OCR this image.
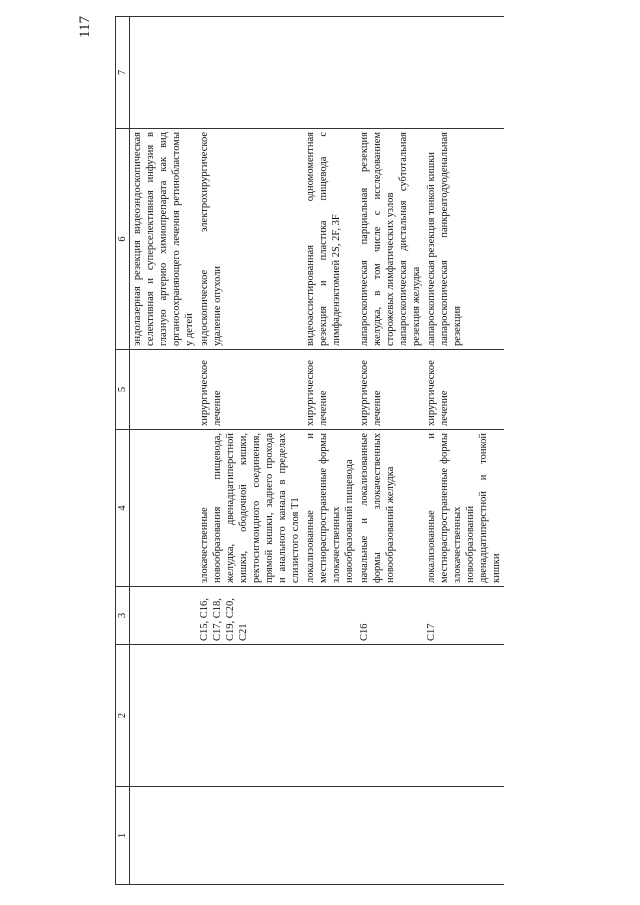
117
1	2	3	4	5	6	7
					эндолазерная резекция видеоэндоскопическая селективная и суперселективная инфузия в глазную артерию химиопрепарата как вид органосохраняющего лечения ретинобластомы у детей	
		C15, C16, C17, C18, C19, C20, C21	злокачественные новообразования пищевода, желудка, двенадцатиперстной кишки, ободочной кишки, ректосигмоидного соединения, прямой кишки, заднего прохода и анального канала в пределах слизистого слоя T1	хирургическое лечение	эндоскопическое электрохирургическое удаление опухоли	
			локализованные и местнораспространенные формы злокачественных новообразований пищевода	хирургическое лечение	видеоассистированная одномоментная резекция и пластика пищевода с лимфаденэктомией 2S, 2F, 3F	
		C16	начальные и локализованные формы злокачественных новообразований желудка	хирургическое лечение	лапароскопическая парциальная резекция желудка, в том числе с исследованием сторожевых лимфатических узлов лапароскопическая дистальная субтотальная резекция желудка	

		C17	локализованные и местнораспространенные формы злокачественных новообразований двенадцатиперстной и тонкой кишки	хирургическое лечение	лапароскопическая резекция тонкой кишки лапароскопическая панкреатодуоденальная резекция	
